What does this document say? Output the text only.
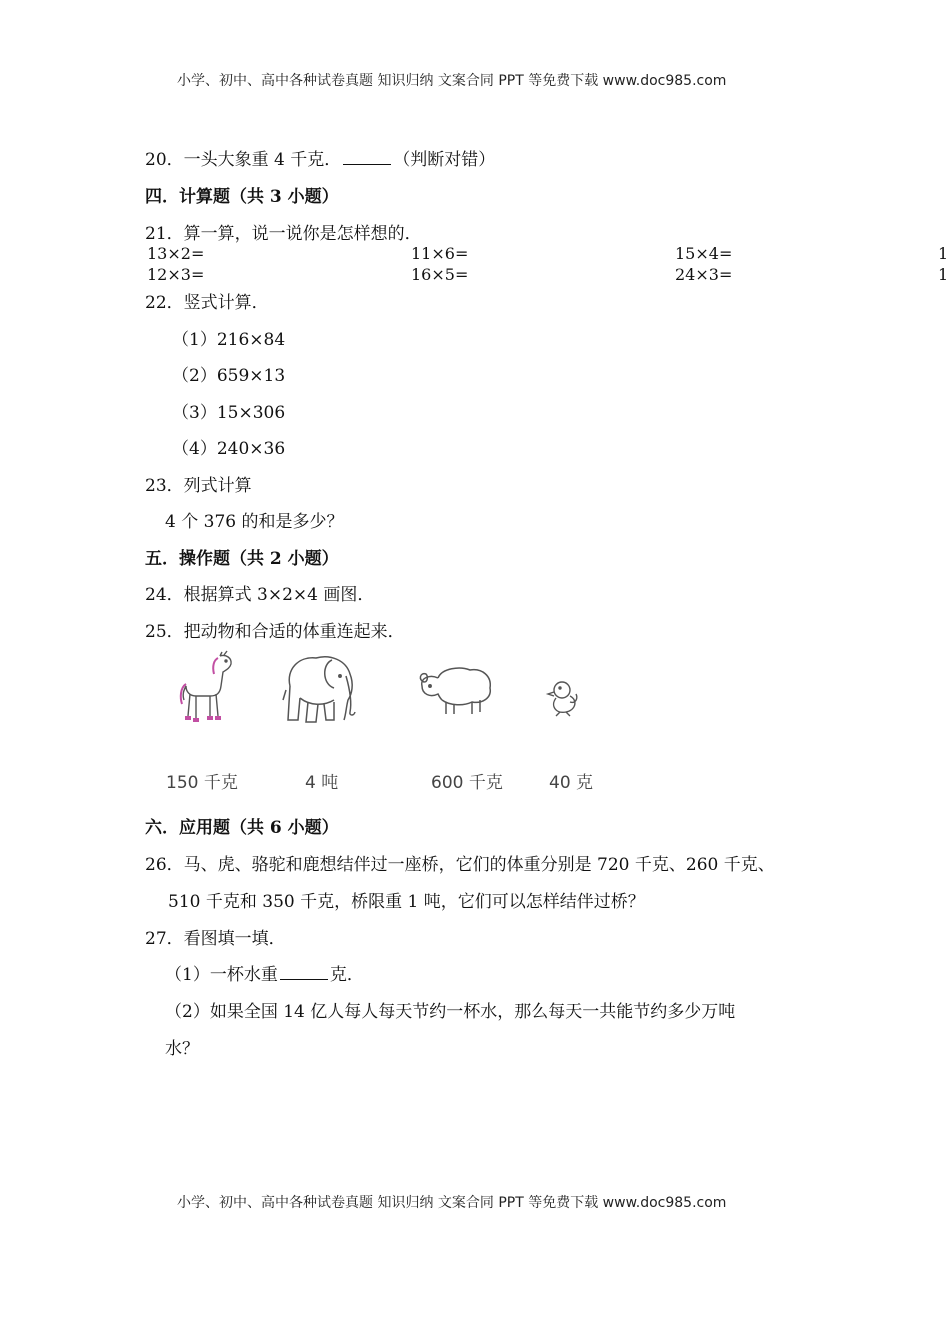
小学、初中、高中各种试卷真题 知识归纳 文案合同 PPT 等免费下载 www.doc985.com
20．一头大象重 4 千克．	（判断对错）
四．计算题（共 3 小题）
21．算一算，说一说你是怎样想的．
13×2=	11×6=	15×4=	1
12×3=	16×5=	24×3=	1
22．竖式计算．
（1）216×84
（2）659×13
（3）15×306
（4）240×36
23．列式计算
4 个 376 的和是多少？
五．操作题（共 2 小题）
24．根据算式 3×2×4 画图．
25．把动物和合适的体重连起来．
150 千克	4 吨	600 千克	40 克
六．应用题（共 6 小题）
26．马、虎、骆驼和鹿想结伴过一座桥，它们的体重分别是 720 千克、260 千克、
510 千克和 350 千克，桥限重 1 吨，它们可以怎样结伴过桥？
27．看图填一填．
（1）一杯水重	克．
（2）如果全国 14 亿人每人每天节约一杯水，那么每天一共能节约多少万吨
水？
小学、初中、高中各种试卷真题 知识归纳 文案合同 PPT 等免费下载 www.doc985.com
